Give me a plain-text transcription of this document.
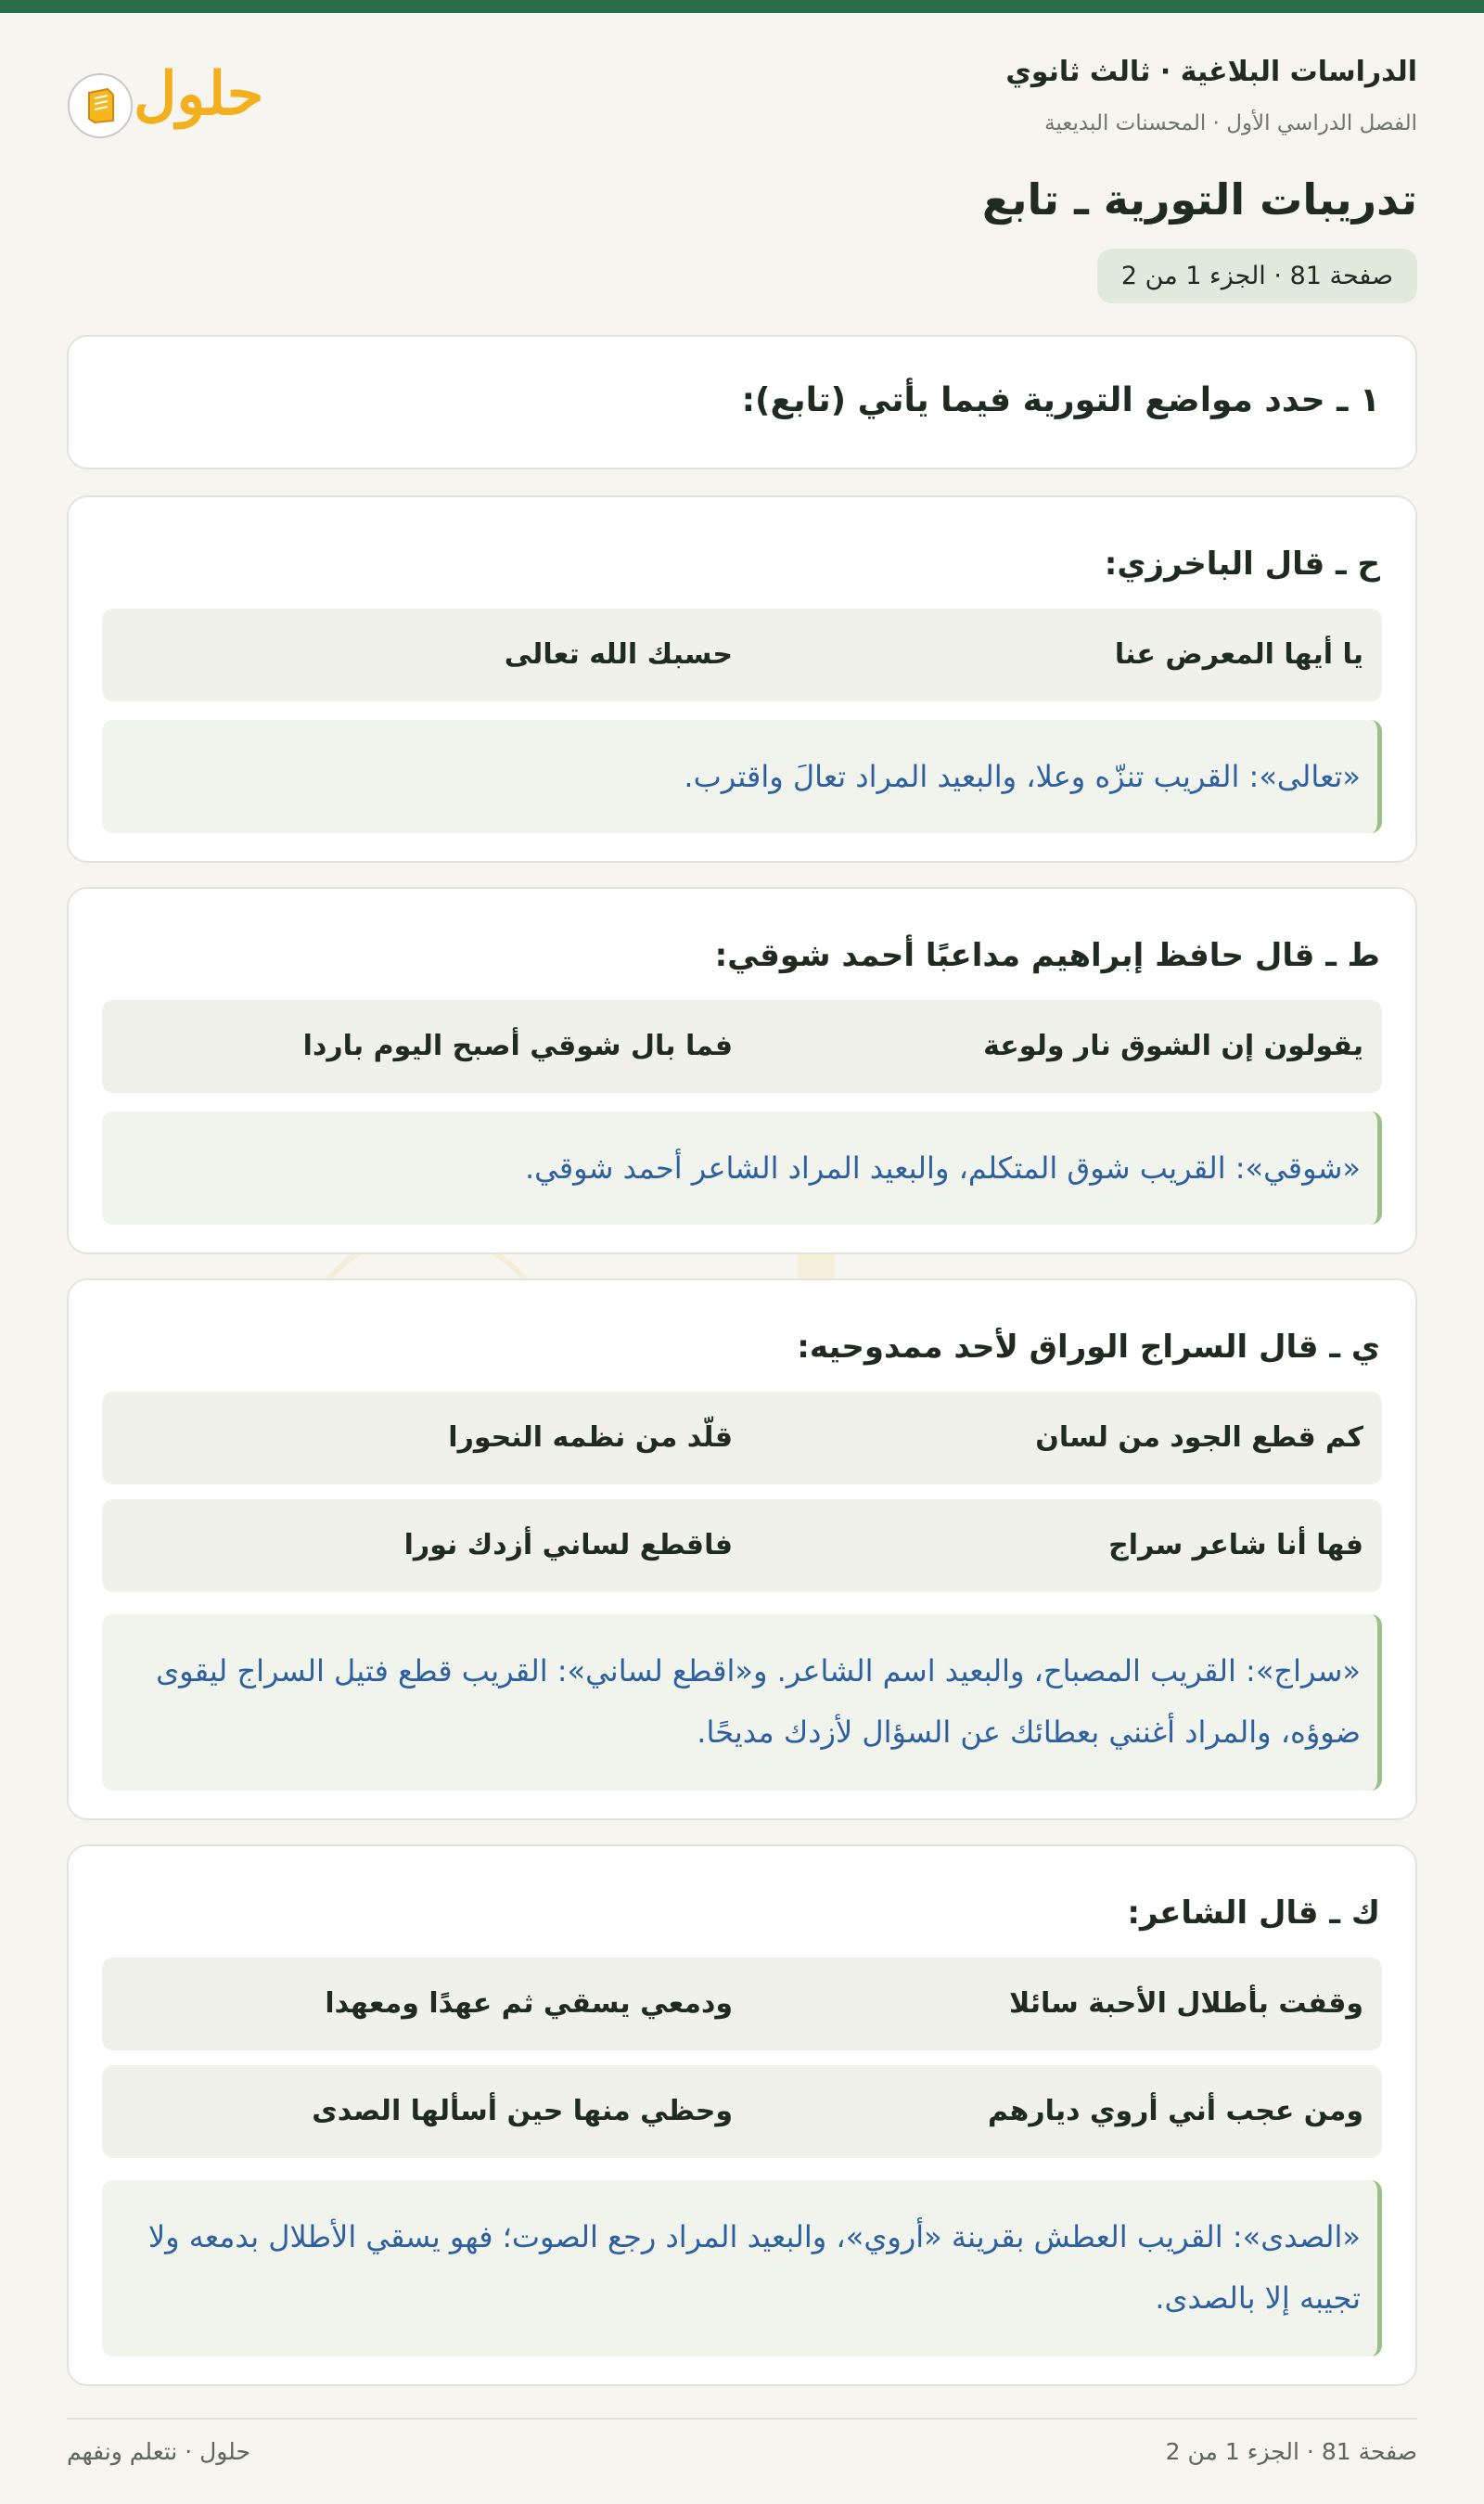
الدراسات البلاغية · ثالث ثانوي
الفصل الدراسي الأول · المحسنات البديعية
تدريبات التورية ـ تابع
صفحة 81 · الجزء 1 من 2
حلول
١ ـ حدد مواضع التورية فيما يأتي (تابع):
ح ـ قال الباخرزي:
يا أيها المعرض عنا
حسبك الله تعالى
«تعالى»: القريب تنزّه وعلا، والبعيد المراد تعالَ واقترب.
ط ـ قال حافظ إبراهيم مداعبًا أحمد شوقي:
يقولون إن الشوق نار ولوعة
فما بال شوقي أصبح اليوم باردا
«شوقي»: القريب شوق المتكلم، والبعيد المراد الشاعر أحمد شوقي.
ي ـ قال السراج الوراق لأحد ممدوحيه:
كم قطع الجود من لسان
قلّد من نظمه النحورا
فها أنا شاعر سراج
فاقطع لساني أزدك نورا
«سراج»: القريب المصباح، والبعيد اسم الشاعر. و«اقطع لساني»: القريب قطع فتيل السراج ليقوى ضوؤه، والمراد أغنني بعطائك عن السؤال لأزدك مديحًا.
ك ـ قال الشاعر:
وقفت بأطلال الأحبة سائلا
ودمعي يسقي ثم عهدًا ومعهدا
ومن عجب أني أروي ديارهم
وحظي منها حين أسألها الصدى
«الصدى»: القريب العطش بقرينة «أروي»، والبعيد المراد رجع الصوت؛ فهو يسقي الأطلال بدمعه ولا تجيبه إلا بالصدى.
صفحة 81 · الجزء 1 من 2
حلول · نتعلم ونفهم
